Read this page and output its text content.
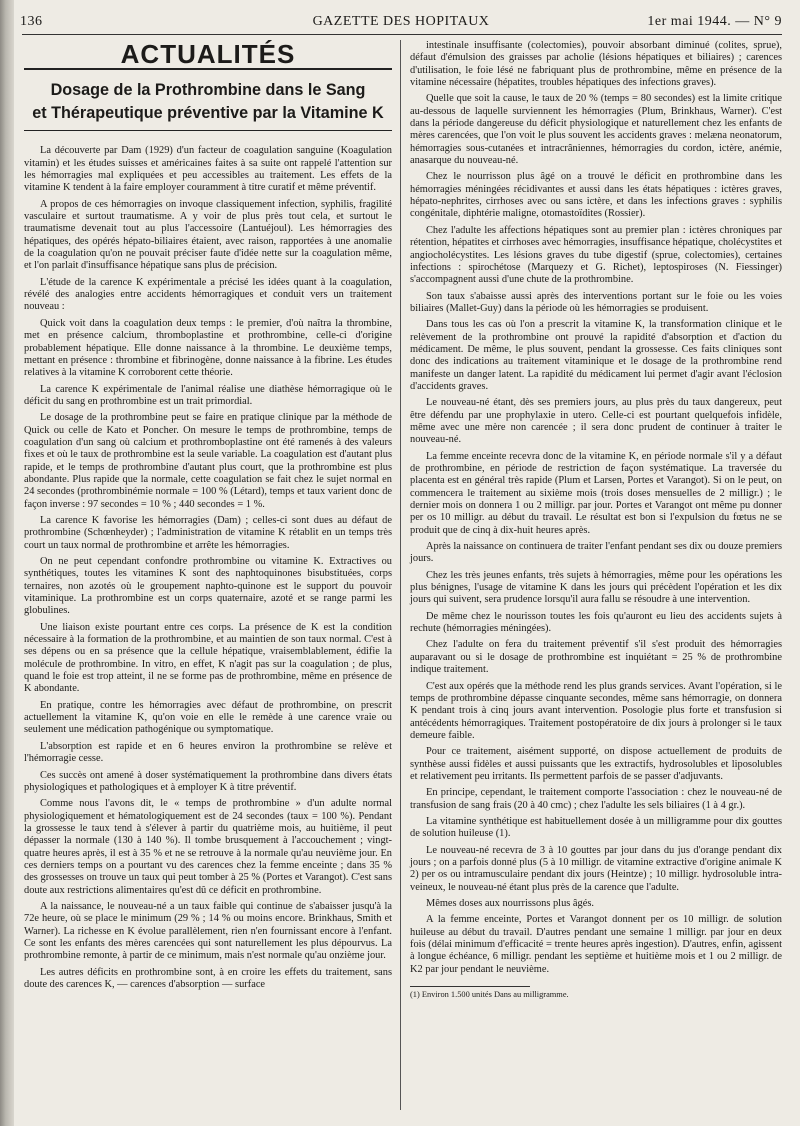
136	GAZETTE DES HOPITAUX	1er mai 1944. — N° 9
ACTUALITÉS
Dosage de la Prothrombine dans le Sang
et Thérapeutique préventive par la Vitamine K

La découverte par Dam (1929) d'un facteur de coagulation sanguine (Koagulation vitamin) et les études suisses et américaines faites à sa suite ont rappelé l'attention sur les hémorragies mal expliquées et peu accessibles au traitement. Les effets de la vitamine K tendent à la faire employer couramment à titre curatif et même préventif.

A propos de ces hémorragies on invoque classiquement infection, syphilis, fragilité vasculaire et surtout traumatisme. A y voir de plus près tout cela, et surtout le traumatisme devenait tout au plus l'accessoire (Lantuéjoul). Les hémorragies des hépatiques, des opérés hépato-biliaires étaient, avec raison, rapportées à une anomalie de la coagulation qu'on ne pouvait préciser faute d'idée nette sur la coagulation même, et l'on parlait d'insuffisance hépatique sans plus de précision.

L'étude de la carence K expérimentale a précisé les idées quant à la coagulation, révélé des analogies entre accidents hémorragiques et conduit vers un traitement nouveau :

Quick voit dans la coagulation deux temps : le premier, d'où naîtra la thrombine, met en présence calcium, thromboplastine et prothrombine, celle-ci d'origine probablement hépatique. Elle donne naissance à la thrombine. Le deuxième temps, mettant en présence : thrombine et fibrinogène, donne naissance à la fibrine. Les études relatives à la vitamine K corroborent cette théorie.

La carence K expérimentale de l'animal réalise une diathèse hémorragique où le déficit du sang en prothrombine est un trait primordial.

Le dosage de la prothrombine peut se faire en pratique clinique par la méthode de Quick ou celle de Kato et Poncher. On mesure le temps de prothrombine, temps de coagulation d'un sang où calcium et prothromboplastine ont été ramenés à des valeurs fixes et où le taux de prothrombine est la seule variable. La coagulation est d'autant plus rapide, et le temps de prothrombine d'autant plus court, que la prothrombine est plus abondante. Plus rapide que la normale, cette coagulation se fait chez le sujet normal en 24 secondes (prothrombinémie normale = 100 % (Létard), temps et taux varient donc de façon inverse : 97 secondes = 10 % ; 440 secondes = 1 %.

La carence K favorise les hémorragies (Dam) ; celles-ci sont dues au défaut de prothrombine (Schœnheyder) ; l'administration de vitamine K rétablit en un temps très court un taux normal de prothrombine et arrête les hémorragies.

On ne peut cependant confondre prothrombine ou vitamine K. Extractives ou synthétiques, toutes les vitamines K sont des naphtoquinones bisubstituées, corps ternaires, non azotés où le groupement naphto-quinone est le support du pouvoir vitaminique. La prothrombine est un corps quaternaire, azoté et se range parmi les globulines.

Une liaison existe pourtant entre ces corps. La présence de K est la condition nécessaire à la formation de la prothrombine, et au maintien de son taux normal. C'est à ses dépens ou en sa présence que la cellule hépatique, vraisemblablement, édifie la molécule de prothrombine. In vitro, en effet, K n'agit pas sur la coagulation ; de plus, quand le foie est trop atteint, il ne se forme pas de prothrombine, même en présence de K abondante.

En pratique, contre les hémorragies avec défaut de prothrombine, on prescrit actuellement la vitamine K, qu'on voie en elle le remède à une carence vraie ou seulement une médication pathogénique ou symptomatique.

L'absorption est rapide et en 6 heures environ la prothrombine se relève et l'hémorragie cesse.

Ces succès ont amené à doser systématiquement la prothrombine dans divers états physiologiques et pathologiques et à employer K à titre préventif.

Comme nous l'avons dit, le « temps de prothrombine » d'un adulte normal physiologiquement et hématologiquement est de 24 secondes (taux = 100 %). Pendant la grossesse le taux tend à s'élever à partir du quatrième mois, au huitième, il peut dépasser la normale (130 à 140 %). Il tombe brusquement à l'accouchement ; vingt-quatre heures après, il est à 35 % et ne se retrouve à la normale qu'au neuvième jour. En ces derniers temps on a pourtant vu des carences chez la femme enceinte ; dans 35 % des grossesses on trouve un taux qui peut tomber à 25 % (Portes et Varangot). C'est sans doute aux restrictions alimentaires qu'est dû ce déficit en prothrombine.

A la naissance, le nouveau-né a un taux faible qui continue de s'abaisser jusqu'à la 72e heure, où se place le minimum (29 % ; 14 % ou moins encore. Brinkhaus, Smith et Warner). La richesse en K évolue parallèlement, rien n'en fournissant encore à l'enfant. Ce sont les enfants des mères carencées qui sont naturellement les plus dépourvus. La prothrombine remonte, à partir de ce minimum, mais n'est normale qu'au onzième jour.

Les autres déficits en prothrombine sont, à en croire les effets du traitement, sans doute des carences K, — carences d'absorption — surface

intestinale insuffisante (colectomies), pouvoir absorbant diminué (colites, sprue), défaut d'émulsion des graisses par acholie (lésions hépatiques et biliaires) ; carences d'utilisation, le foie lésé ne fabriquant plus de prothrombine, même en présence de la vitamine nécessaire (hépatites, troubles hépatiques des infections graves).

Quelle que soit la cause, le taux de 20 % (temps = 80 secondes) est la limite critique au-dessous de laquelle surviennent les hémorragies (Plum, Brinkhaus, Warner). C'est dans la période dangereuse du déficit physiologique et naturellement chez les enfants de mères carencées, que l'on voit le plus souvent les accidents graves : melæna neonatorum, hémorragies sous-cutanées et intracrâniennes, hémorragies du cordon, ictère, anémie, anasarque du nouveau-né.

Chez le nourrisson plus âgé on a trouvé le déficit en prothrombine dans les hémorragies méningées récidivantes et aussi dans les états hépatiques : ictères graves, hépato-nephrites, cirrhoses avec ou sans ictère, et dans les infections graves : syphilis congénitale, diphtérie maligne, otomastoïdites (Rossier).

Chez l'adulte les affections hépatiques sont au premier plan : ictères chroniques par rétention, hépatites et cirrhoses avec hémorragies, insuffisance hépatique, cholécystites et angiocholécystites. Les lésions graves du tube digestif (sprue, colectomies), certaines infections : spirochétose (Marquezy et G. Richet), leptospiroses (N. Fiessinger) s'accompagnent aussi d'une chute de la prothrombine.

Son taux s'abaisse aussi après des interventions portant sur le foie ou les voies biliaires (Mallet-Guy) dans la période où les hémorragies se produisent.

Dans tous les cas où l'on a prescrit la vitamine K, la transformation clinique et le relèvement de la prothrombine ont prouvé la rapidité d'absorption et d'action du médicament. De même, le plus souvent, pendant la grossesse. Ces faits cliniques sont donc des indications au traitement vitaminique et le dosage de la prothrombine rend manifeste un danger latent. La rapidité du médicament lui permet d'agir avant l'éclosion d'accidents graves.

Le nouveau-né étant, dès ses premiers jours, au plus près du taux dangereux, peut être défendu par une prophylaxie in utero. Celle-ci est pourtant quelquefois infidèle, même avec une mère non carencée ; il sera donc prudent de continuer à traiter le nouveau-né.

La femme enceinte recevra donc de la vitamine K, en période normale s'il y a défaut de prothrombine, en période de restriction de façon systématique. La traversée du placenta est en général très rapide (Plum et Larsen, Portes et Varangot). Si on le peut, on commencera le traitement au sixième mois (trois doses mensuelles de 2 milligr.) ; le dernier mois on donnera 1 ou 2 milligr. par jour. Portes et Varangot ont même pu donner per os 10 milligr. au début du travail. Le résultat est bon si l'expulsion du fœtus ne se produit que de cinq à dix-huit heures après.

Après la naissance on continuera de traiter l'enfant pendant ses dix ou douze premiers jours.

Chez les très jeunes enfants, très sujets à hémorragies, même pour les opérations les plus bénignes, l'usage de vitamine K dans les jours qui précèdent l'opération et les dix jours qui suivent, sera prudence lorsqu'il aura fallu se résoudre à une intervention.

De même chez le nourisson toutes les fois qu'auront eu lieu des accidents sujets à rechute (hémorragies méningées).

Chez l'adulte on fera du traitement préventif s'il s'est produit des hémorragies auparavant ou si le dosage de prothrombine est inquiétant = 25 % de prothrombine indique traitement.

C'est aux opérés que la méthode rend les plus grands services. Avant l'opération, si le temps de prothrombine dépasse cinquante secondes, même sans hémorragie, on donnera K pendant trois à cinq jours avant intervention. Posologie plus forte et transfusion si antécédents hémorragiques. Traitement postopératoire de dix jours à prolonger si le taux demeure faible.

Pour ce traitement, aisément supporté, on dispose actuellement de produits de synthèse aussi fidèles et aussi puissants que les extractifs, hydrosolubles et liposolubles et relativement peu irritants. Ils permettent parfois de se passer d'adjuvants.

En principe, cependant, le traitement comporte l'association : chez le nouveau-né de transfusion de sang frais (20 à 40 cmc) ; chez l'adulte les sels biliaires (1 à 4 gr.).

La vitamine synthétique est habituellement dosée à un milligramme pour dix gouttes de solution huileuse (1).

Le nouveau-né recevra de 3 à 10 gouttes par jour dans du jus d'orange pendant dix jours ; on a parfois donné plus (5 à 10 milligr. de vitamine extractive d'origine animale K 2) per os ou intramusculaire pendant dix jours (Heintze) ; 10 milligr. hydrosoluble intra-veineux, le nouveau-né étant plus près de la carence que l'adulte.

Mêmes doses aux nourrissons plus âgés.

A la femme enceinte, Portes et Varangot donnent per os 10 milligr. de solution huileuse au début du travail. D'autres pendant une semaine 1 milligr. par jour en deux fois (délai minimum d'efficacité = trente heures après ingestion). D'autres, enfin, agissent à longue échéance, 6 milligr. pendant les septième et huitième mois et 1 ou 2 milligr. de K2 par jour pendant le neuvième.

(1) Environ 1.500 unités Dans au milligramme.
